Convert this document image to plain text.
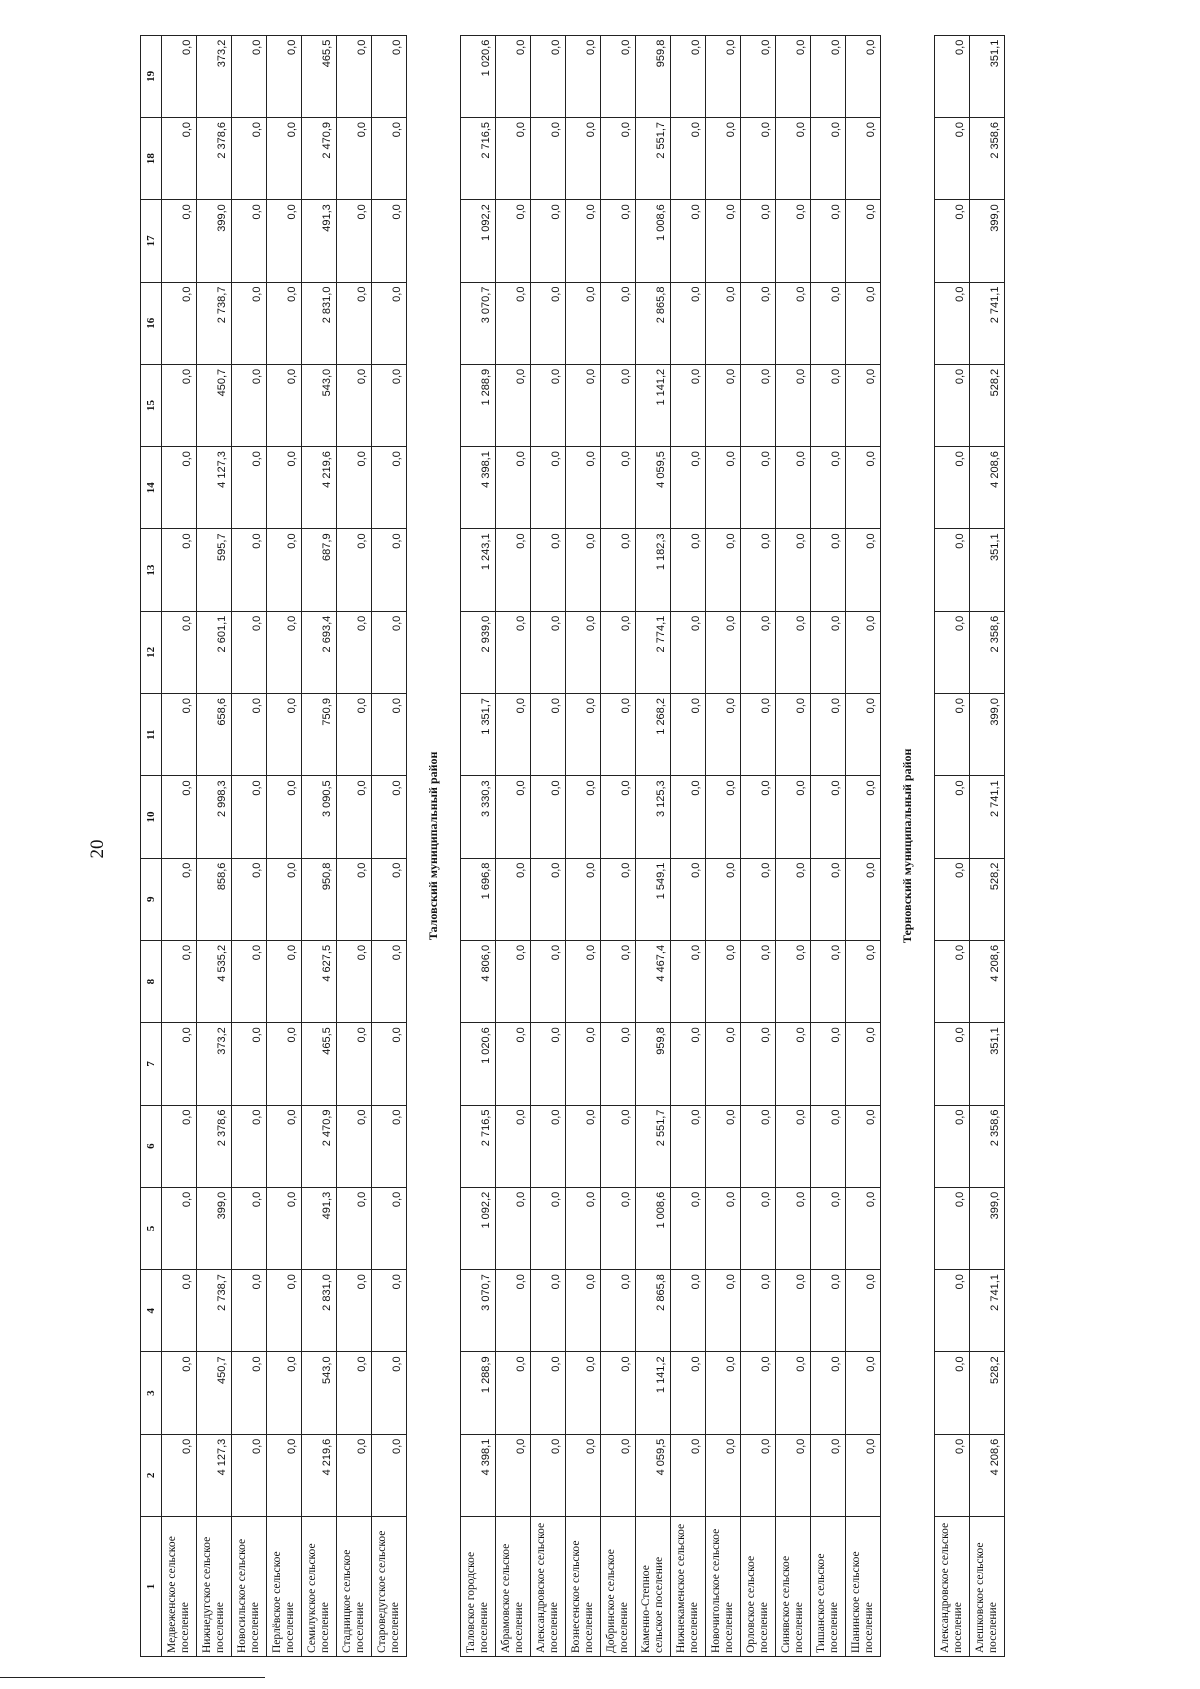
20
1	2	3	4	5	6	7	8	9	10	11	12	13	14	15	16	17	18	19
Медвеженское сельское поселение	0,0	0,0	0,0	0,0	0,0	0,0	0,0	0,0	0,0	0,0	0,0	0,0	0,0	0,0	0,0	0,0	0,0	0,0
Нижнедугское сельское поселение	4 127,3	450,7	2 738,7	399,0	2 378,6	373,2	4 535,2	858,6	2 998,3	658,6	2 601,1	595,7	4 127,3	450,7	2 738,7	399,0	2 378,6	373,2
Новосильское сельское поселение	0,0	0,0	0,0	0,0	0,0	0,0	0,0	0,0	0,0	0,0	0,0	0,0	0,0	0,0	0,0	0,0	0,0	0,0
Перлёвское сельское поселение	0,0	0,0	0,0	0,0	0,0	0,0	0,0	0,0	0,0	0,0	0,0	0,0	0,0	0,0	0,0	0,0	0,0	0,0
Семилукское сельское поселение	4 219,6	543,0	2 831,0	491,3	2 470,9	465,5	4 627,5	950,8	3 090,5	750,9	2 693,4	687,9	4 219,6	543,0	2 831,0	491,3	2 470,9	465,5
Стадницкое сельское поселение	0,0	0,0	0,0	0,0	0,0	0,0	0,0	0,0	0,0	0,0	0,0	0,0	0,0	0,0	0,0	0,0	0,0	0,0
Староведугское сельское поселение	0,0	0,0	0,0	0,0	0,0	0,0	0,0	0,0	0,0	0,0	0,0	0,0	0,0	0,0	0,0	0,0	0,0	0,0
Таловский муниципальный район																		
Таловское городское поселение	4 398,1	1 288,9	3 070,7	1 092,2	2 716,5	1 020,6	4 806,0	1 696,8	3 330,3	1 351,7	2 939,0	1 243,1	4 398,1	1 288,9	3 070,7	1 092,2	2 716,5	1 020,6
Абрамовское сельское поселение	0,0	0,0	0,0	0,0	0,0	0,0	0,0	0,0	0,0	0,0	0,0	0,0	0,0	0,0	0,0	0,0	0,0	0,0
Александровское сельское поселение	0,0	0,0	0,0	0,0	0,0	0,0	0,0	0,0	0,0	0,0	0,0	0,0	0,0	0,0	0,0	0,0	0,0	0,0
Вознесенское сельское поселение	0,0	0,0	0,0	0,0	0,0	0,0	0,0	0,0	0,0	0,0	0,0	0,0	0,0	0,0	0,0	0,0	0,0	0,0
Добринское сельское поселение	0,0	0,0	0,0	0,0	0,0	0,0	0,0	0,0	0,0	0,0	0,0	0,0	0,0	0,0	0,0	0,0	0,0	0,0
Каменно-Степное сельское поселение	4 059,5	1 141,2	2 865,8	1 008,6	2 551,7	959,8	4 467,4	1 549,1	3 125,3	1 268,2	2 774,1	1 182,3	4 059,5	1 141,2	2 865,8	1 008,6	2 551,7	959,8
Нижнекаменское сельское поселение	0,0	0,0	0,0	0,0	0,0	0,0	0,0	0,0	0,0	0,0	0,0	0,0	0,0	0,0	0,0	0,0	0,0	0,0
Новочигольское сельское поселение	0,0	0,0	0,0	0,0	0,0	0,0	0,0	0,0	0,0	0,0	0,0	0,0	0,0	0,0	0,0	0,0	0,0	0,0
Орловское сельское поселение	0,0	0,0	0,0	0,0	0,0	0,0	0,0	0,0	0,0	0,0	0,0	0,0	0,0	0,0	0,0	0,0	0,0	0,0
Синявское сельское поселение	0,0	0,0	0,0	0,0	0,0	0,0	0,0	0,0	0,0	0,0	0,0	0,0	0,0	0,0	0,0	0,0	0,0	0,0
Тишанское сельское поселение	0,0	0,0	0,0	0,0	0,0	0,0	0,0	0,0	0,0	0,0	0,0	0,0	0,0	0,0	0,0	0,0	0,0	0,0
Шанинское сельское поселение	0,0	0,0	0,0	0,0	0,0	0,0	0,0	0,0	0,0	0,0	0,0	0,0	0,0	0,0	0,0	0,0	0,0	0,0
Терновский муниципальный район																		
Александровское сельское поселение	0,0	0,0	0,0	0,0	0,0	0,0	0,0	0,0	0,0	0,0	0,0	0,0	0,0	0,0	0,0	0,0	0,0	0,0
Алешковское сельское поселение	4 208,6	528,2	2 741,1	399,0	2 358,6	351,1	4 208,6	528,2	2 741,1	399,0	2 358,6	351,1	4 208,6	528,2	2 741,1	399,0	2 358,6	351,1
